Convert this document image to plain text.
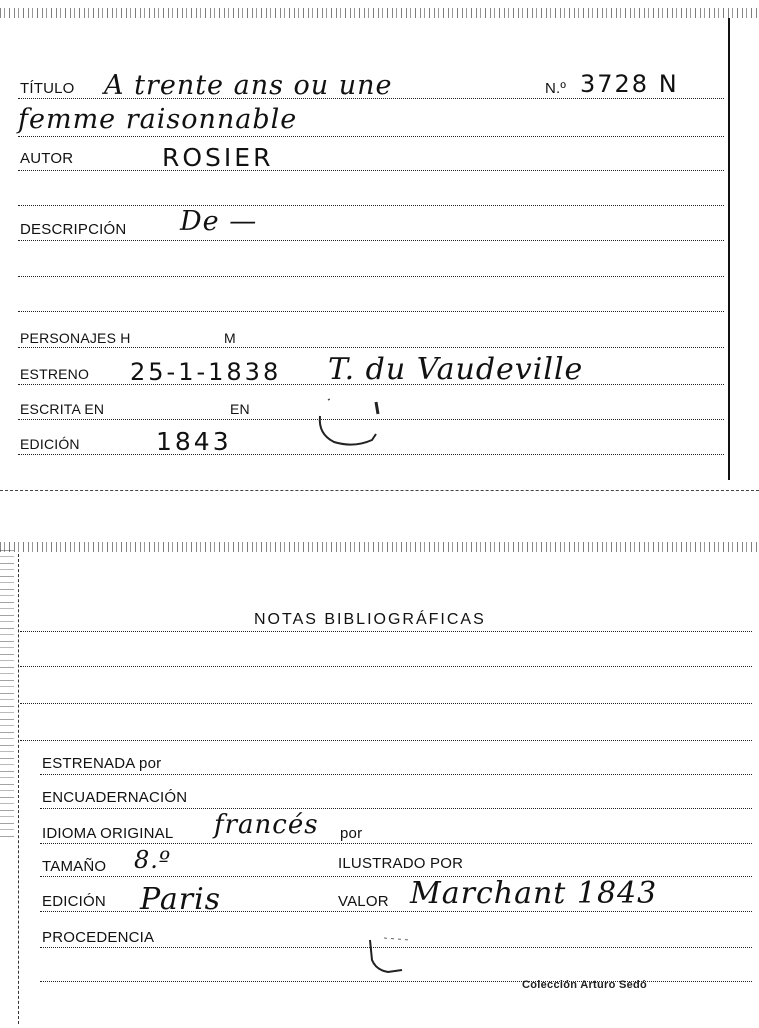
TÍTULO A trente ans ou une	N.º 3728 N
femme raisonnable
AUTOR	ROSIER
DESCRIPCIÓN De —
PERSONAJES H	M
ESTRENO 25-1-1838 T. du Vaudeville
ESCRITA EN	EN
EDICIÓN	1843
NOTAS BIBLIOGRÁFICAS
ESTRENADA por
ENCUADERNACIÓN
IDIOMA ORIGINAL francés por
TAMAÑO 8.º	ILUSTRADO POR
EDICIÓN Paris	VALOR Marchant 1843
PROCEDENCIA
Colección Arturo Sedó
